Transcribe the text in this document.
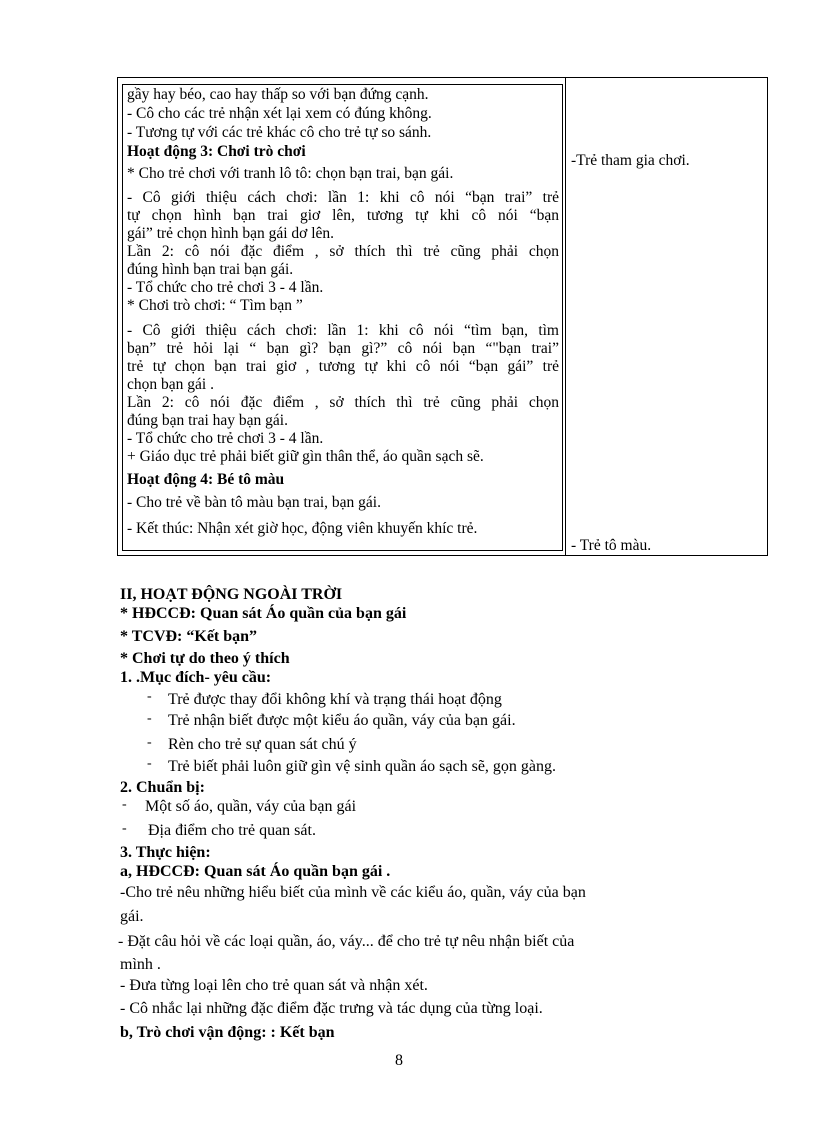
gầy hay béo, cao hay thấp so với bạn đứng cạnh.
- Cô cho các trẻ nhận xét lại xem có đúng không.
- Tương tự với các trẻ khác cô cho trẻ tự so sánh.
Hoạt động 3: Chơi trò chơi
* Cho trẻ chơi với tranh lô tô: chọn bạn trai, bạn gái.
- Cô giới thiệu cách chơi: lần 1: khi cô nói “bạn trai” trẻ
tự chọn hình bạn trai giơ lên, tương tự khi cô nói “bạn
gái” trẻ chọn hình bạn gái dơ lên.
Lần 2: cô nói đặc điểm , sở thích thì trẻ cũng phải chọn
đúng hình bạn trai bạn gái.
- Tổ chức cho trẻ chơi 3 - 4 lần.
* Chơi trò chơi: “ Tìm bạn ”
- Cô giới thiệu cách chơi: lần 1: khi cô nói “tìm bạn, tìm
bạn” trẻ hỏi lại “ bạn gì? bạn gì?” cô nói bạn “"bạn trai”
trẻ tự chọn bạn trai giơ , tương tự khi cô nói “bạn gái” trẻ
chọn bạn gái .
Lần 2: cô nói đặc điểm , sở thích thì trẻ cũng phải chọn
đúng bạn trai hay bạn gái.
- Tổ chức cho trẻ chơi 3 - 4 lần.
+ Giáo dục trẻ phải biết giữ gìn thân thể, áo quần sạch sẽ.
Hoạt động 4: Bé tô màu
- Cho trẻ về bàn tô màu bạn trai, bạn gái.
- Kết thúc: Nhận xét giờ học, động viên khuyến khíc trẻ.
-Trẻ tham gia chơi.
- Trẻ tô màu.
II, HOẠT ĐỘNG NGOÀI TRỜI
* HĐCCĐ: Quan sát Áo quần của bạn gái
* TCVĐ: “Kết bạn”
* Chơi tự do theo ý thích
1. .Mục đích- yêu cầu:
- Trẻ được thay đổi không khí và trạng thái hoạt động
- Trẻ nhận biết được một kiểu áo quần, váy của bạn gái.
- Rèn cho trẻ sự quan sát chú ý
- Trẻ biết phải luôn giữ gìn vệ sinh quần áo sạch sẽ, gọn gàng.
2. Chuẩn bị:
- Một số áo, quần, váy của bạn gái
- Địa điểm cho trẻ quan sát.
3. Thực hiện:
a, HĐCCĐ: Quan sát Áo quần bạn gái .
-Cho trẻ nêu những hiểu biết của mình về các kiểu áo, quần, váy của bạn
gái.
- Đặt câu hỏi về các loại quần, áo, váy... để cho trẻ tự nêu nhận biết của
mình .
- Đưa từng loại lên cho trẻ quan sát và nhận xét.
- Cô nhắc lại những đặc điểm đặc trưng và tác dụng của từng loại.
b, Trò chơi vận động: : Kết bạn
8
